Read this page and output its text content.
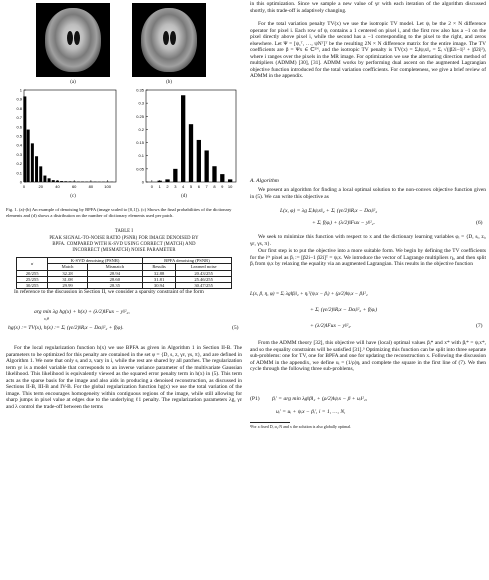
(a)	(b)
0
0.1
0.2
0.3
0.4
0.5
0.6
0.7
0.8
0.9
1
0	20	40	60	80	100
(c)
0
0.05
0.1
0.15
0.2
0.25
0.3
0.35
0 1 2 3 4 5 6 7 8 9 10
(d)
Fig. 1. (a)-(b) An example of denoising by BPFA (image scaled to [0,1]). (c) Shows the final probabilities of the dictionary elements and (d) shows a distribution on the number of dictionary elements used per patch.
TABLE I
PEAK SIGNAL-TO-NOISE RATIO (PSNR) FOR IMAGE DENOISED BY
BPFA. COMPARED WITH K-SVD USING CORRECT (MATCH) AND
INCORRECT (MISMATCH) NOISE PARAMETER
σ	K-SVD denoising (PSNR)		BPFA denoising (PSNR)	
	Match	Mismatch	Results	Learned noise
20/255	32.28	28.94	32.88	20.43/255
25/255	31.08	28.60	31.81	25.46/255
30/255	29.99	28.35	30.94	30.47/255
In reference to the discussion in Section II, we consider a sparsity constraint of the form
arg min λg hg(x) + h(x) + (λ/2)‖Fux − y‖²₂,
x,θ
hg(x) := TV(x), h(x) := Σᵢ (γε/2)‖Rᵢx − Dαᵢ‖²₂ + f(φ).	(5)
For the local regularization function h(x) we use BPFA as given in Algorithm 1 in Section II-B. The parameters to be optimized for this penalty are contained in the set φ = {D, s, z, γε, γs, π}, and are defined in Algorithm 1. We note that only sᵢ and zᵢ vary in i, while the rest are shared by all patches. The regularization term γε is a model variable that corresponds to an inverse variance parameter of the multivariate Gaussian likelihood. This likelihood is equivalently viewed as the squared error penalty term in h(x) in (5). This term acts as the sparse basis for the image and also aids in producing a denoised reconstruction, as discussed in Sections II-B, III-B and IV-B. For the global regularization function hg(x) we use the total variation of the image. This term encourages homogeneity within contiguous regions of the image, while still allowing for sharp jumps in pixel value at edges due to the underlying ℓ1 penalty. The regularization parameters λg, γε and λ control the trade-off between the terms
in this optimization. Since we sample a new value of γε with each iteration of the algorithm discussed shortly, this trade-off is adaptively changing.
For the total variation penalty TV(x) we use the isotropic TV model. Let ψᵢ be the 2 × N difference operator for pixel i. Each row of ψᵢ contains a 1 centered on pixel i, and the first row also has a −1 on the pixel directly above pixel i, while the second has a −1 corresponding to the pixel to the right, and zeros elsewhere. Let Ψ = [ψ₁ᵀ, …, ψNᵀ]ᵀ be the resulting 2N × N difference matrix for the entire image. The TV coefficients are β = Ψx ∈ ℂ²ᴺ, and the isotropic TV penalty is TV(x) = Σᵢ‖ψᵢx‖₂ = Σᵢ √(|β2i−1|² + |β2i|²), where i ranges over the pixels in the MR image. For optimization we use the alternating direction method of multipliers (ADMM) [30], [31]. ADMM works by performing dual ascent on the augmented Lagrangian objective function introduced for the total variation coefficients. For completeness, we give a brief review of ADMM in the appendix.
A. Algorithm
We present an algorithm for finding a local optimal solution to the non-convex objective function given in (5). We can write this objective as
L(x, φ) = λg Σᵢ‖ψᵢx‖₂ + Σᵢ (γε/2)‖Rᵢx − Dαᵢ‖²₂
+ Σᵢ f(φᵢ) + (λ/2)‖Fux − y‖²₂.	(6)
We seek to minimize this function with respect to x and the dictionary learning variables φᵢ = {D, sᵢ, zᵢ, γε, γs, π}.
Our first step is to put the objective into a more suitable form. We begin by defining the TV coefficients for the iᵗʰ pixel as βᵢ := [β2i−1 β2i]ᵀ = ψᵢx. We introduce the vector of Lagrange multipliers ηᵢ, and then split βᵢ from ψᵢx by relaxing the equality via an augmented Lagrangian. This results in the objective function
L(x, β, η, φ) = Σᵢ λg‖βᵢ‖₂ + ηᵢᵀ(ψᵢx − βᵢ) + (ρ/2)‖ψᵢx − βᵢ‖²₂
+ Σᵢ (γε/2)‖Rᵢx − Dαᵢ‖²₂ + f(φᵢ)
+ (λ/2)‖Fux − y‖²₂.	(7)
From the ADMM theory [32], this objective will have (local) optimal values βᵢ* and x* with βᵢ* = ψᵢx*, and so the equality constraints will be satisfied [31].³ Optimizing this function can be split into three separate sub-problems: one for TV, one for BPFA and one for updating the reconstruction x. Following the discussion of ADMM in the appendix, we define uᵢ = (1/ρ)ηᵢ and complete the square in the first line of (7). We then cycle through the following three sub-problems,
(P1) βᵢ′ = arg min λg‖β‖₂ + (ρ/2)‖ψᵢx − β + uᵢ‖²₂,
uᵢ′ = uᵢ + ψᵢx − βᵢ′, i = 1, …, N,
³For a fixed D, α₁:N and x the solution is also globally optimal.
